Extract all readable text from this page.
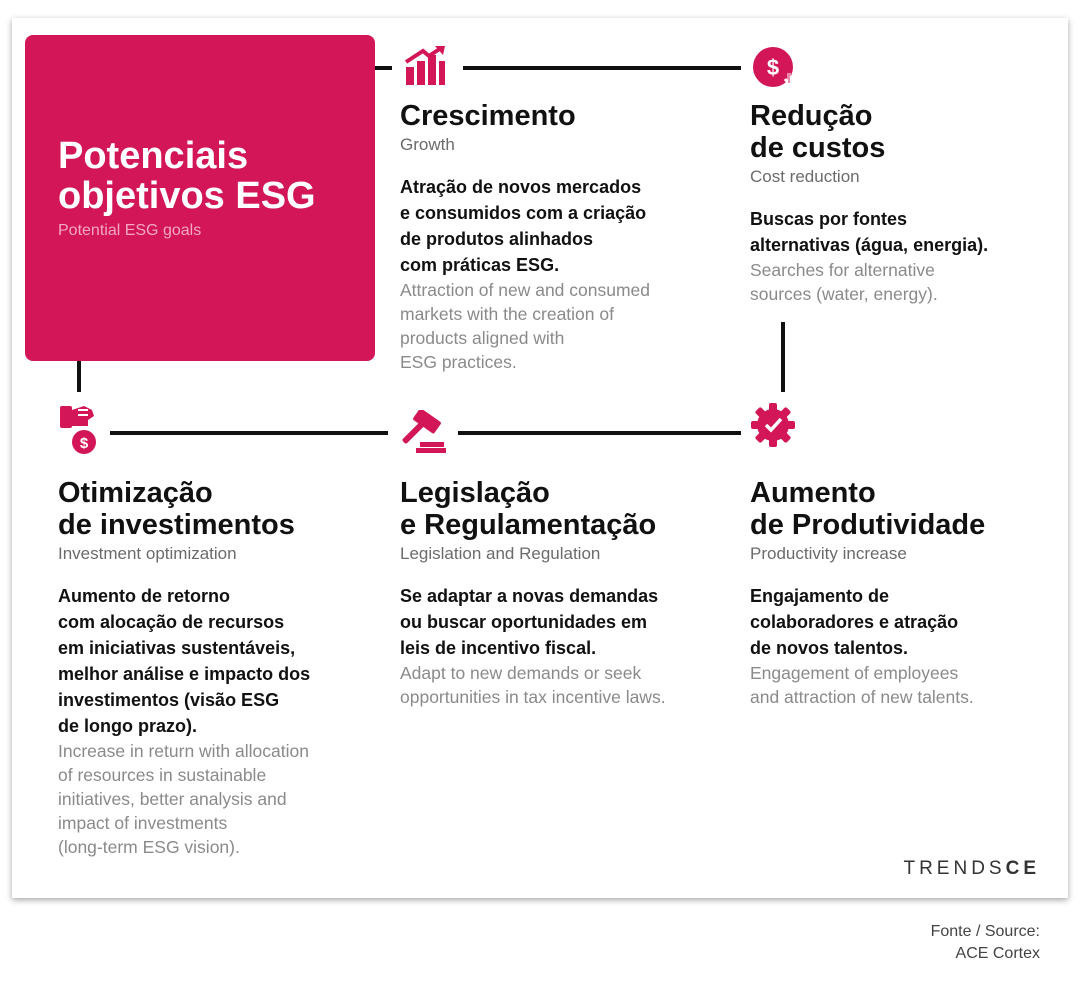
Potenciais
objetivos ESG
Potential ESG goals
$
$
Crescimento
Growth
Atração de novos mercados
e consumidos com a criação
de produtos alinhados
com práticas ESG.
Attraction of new and consumed
markets with the creation of
products aligned with
ESG practices.
Redução
de custos
Cost reduction
Buscas por fontes
alternativas (água, energia).
Searches for alternative
sources (water, energy).
Otimização
de investimentos
Investment optimization
Aumento de retorno
com alocação de recursos
em iniciativas sustentáveis,
melhor análise e impacto dos
investimentos (visão ESG
de longo prazo).
Increase in return with allocation
of resources in sustainable
initiatives, better analysis and
impact of investments
(long-term ESG vision).
Legislação
e Regulamentação
Legislation and Regulation
Se adaptar a novas demandas
ou buscar oportunidades em
leis de incentivo fiscal.
Adapt to new demands or seek
opportunities in tax incentive laws.
Aumento
de Produtividade
Productivity increase
Engajamento de
colaboradores e atração
de novos talentos.
Engagement of employees
and attraction of new talents.
TRENDSCE
Fonte / Source:
ACE Cortex
